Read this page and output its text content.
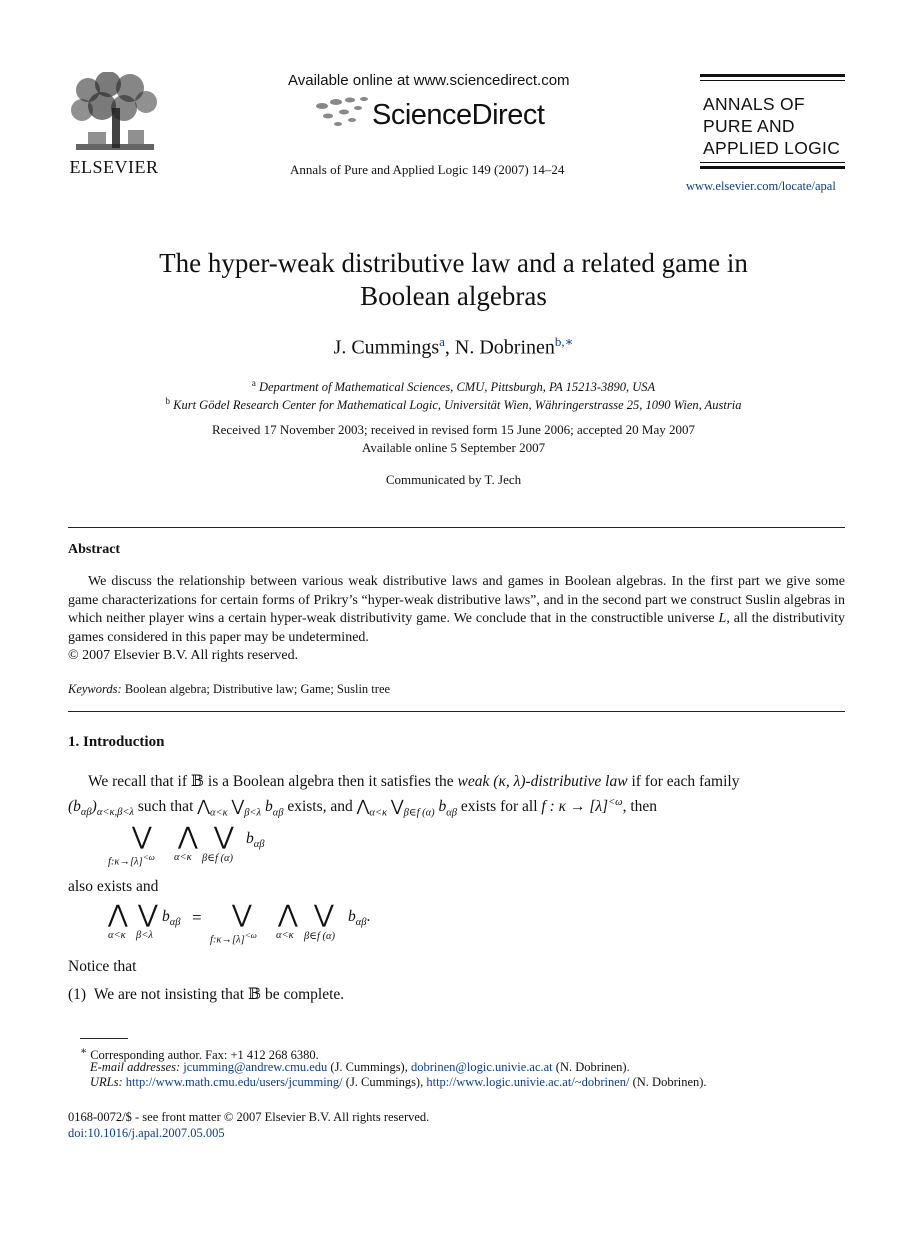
ELSEVIER
Available online at www.sciencedirect.com
ScienceDirect
Annals of Pure and Applied Logic 149 (2007) 14–24
ANNALS OF
PURE AND
APPLIED LOGIC
www.elsevier.com/locate/apal
The hyper-weak distributive law and a related game in
Boolean algebras
J. Cummings$^a$, N. Dobrinen$^{b,∗}$
$^a$ Department of Mathematical Sciences, CMU, Pittsburgh, PA 15213-3890, USA
$^b$ Kurt Gödel Research Center for Mathematical Logic, Universität Wien, Währingerstrasse 25, 1090 Wien, Austria
Received 17 November 2003; received in revised form 15 June 2006; accepted 20 May 2007
Available online 5 September 2007
Communicated by T. Jech
Abstract
We discuss the relationship between various weak distributive laws and games in Boolean algebras. In the first part we give some game characterizations for certain forms of Prikry’s “hyper-weak distributive laws”, and in the second part we construct Suslin algebras in which neither player wins a certain hyper-weak distributivity game. We conclude that in the constructible universe L, all the distributivity games considered in this paper may be undetermined.
© 2007 Elsevier B.V. All rights reserved.
Keywords: Boolean algebra; Distributive law; Game; Suslin tree
1. Introduction
We recall that if 𝔹 is a Boolean algebra then it satisfies the weak (κ, λ)-distributive law if for each family
$(b_{\alpha\beta})_{\alpha<\kappa,\beta<\lambda}$ such that $⋀_{\alpha<\kappa}$ $⋁_{\beta<\lambda}$ $b_{\alpha\beta}$ exists, and $⋀_{\alpha<\kappa}$ $⋁_{\beta\in f (\alpha)}$ $b_{\alpha\beta}$ exists for all f : $\kappa \to [\lambda]^{<\omega}$, then
⋁
$f:\kappa\to[\lambda]^{<\omega}$
⋀
α<κ
⋁
β∈f (α)
$b_{\alpha\beta}$
also exists and
⋀
α<κ
⋁
β<λ
$b_{\alpha\beta}$ = ⋁
$f:\kappa\to[\lambda]^{<\omega}$
⋀
α<κ
⋁
β∈f (α)
$b_{\alpha\beta}$.
Notice that
(1) We are not insisting that 𝔹 be complete.
∗ Corresponding author. Fax: +1 412 268 6380.
E-mail addresses: jcumming@andrew.cmu.edu (J. Cummings), dobrinen@logic.univie.ac.at (N. Dobrinen).
URLs: http://www.math.cmu.edu/users/jcumming/ (J. Cummings), http://www.logic.univie.ac.at/~dobrinen/ (N. Dobrinen).
0168-0072/$ - see front matter © 2007 Elsevier B.V. All rights reserved.
doi:10.1016/j.apal.2007.05.005
